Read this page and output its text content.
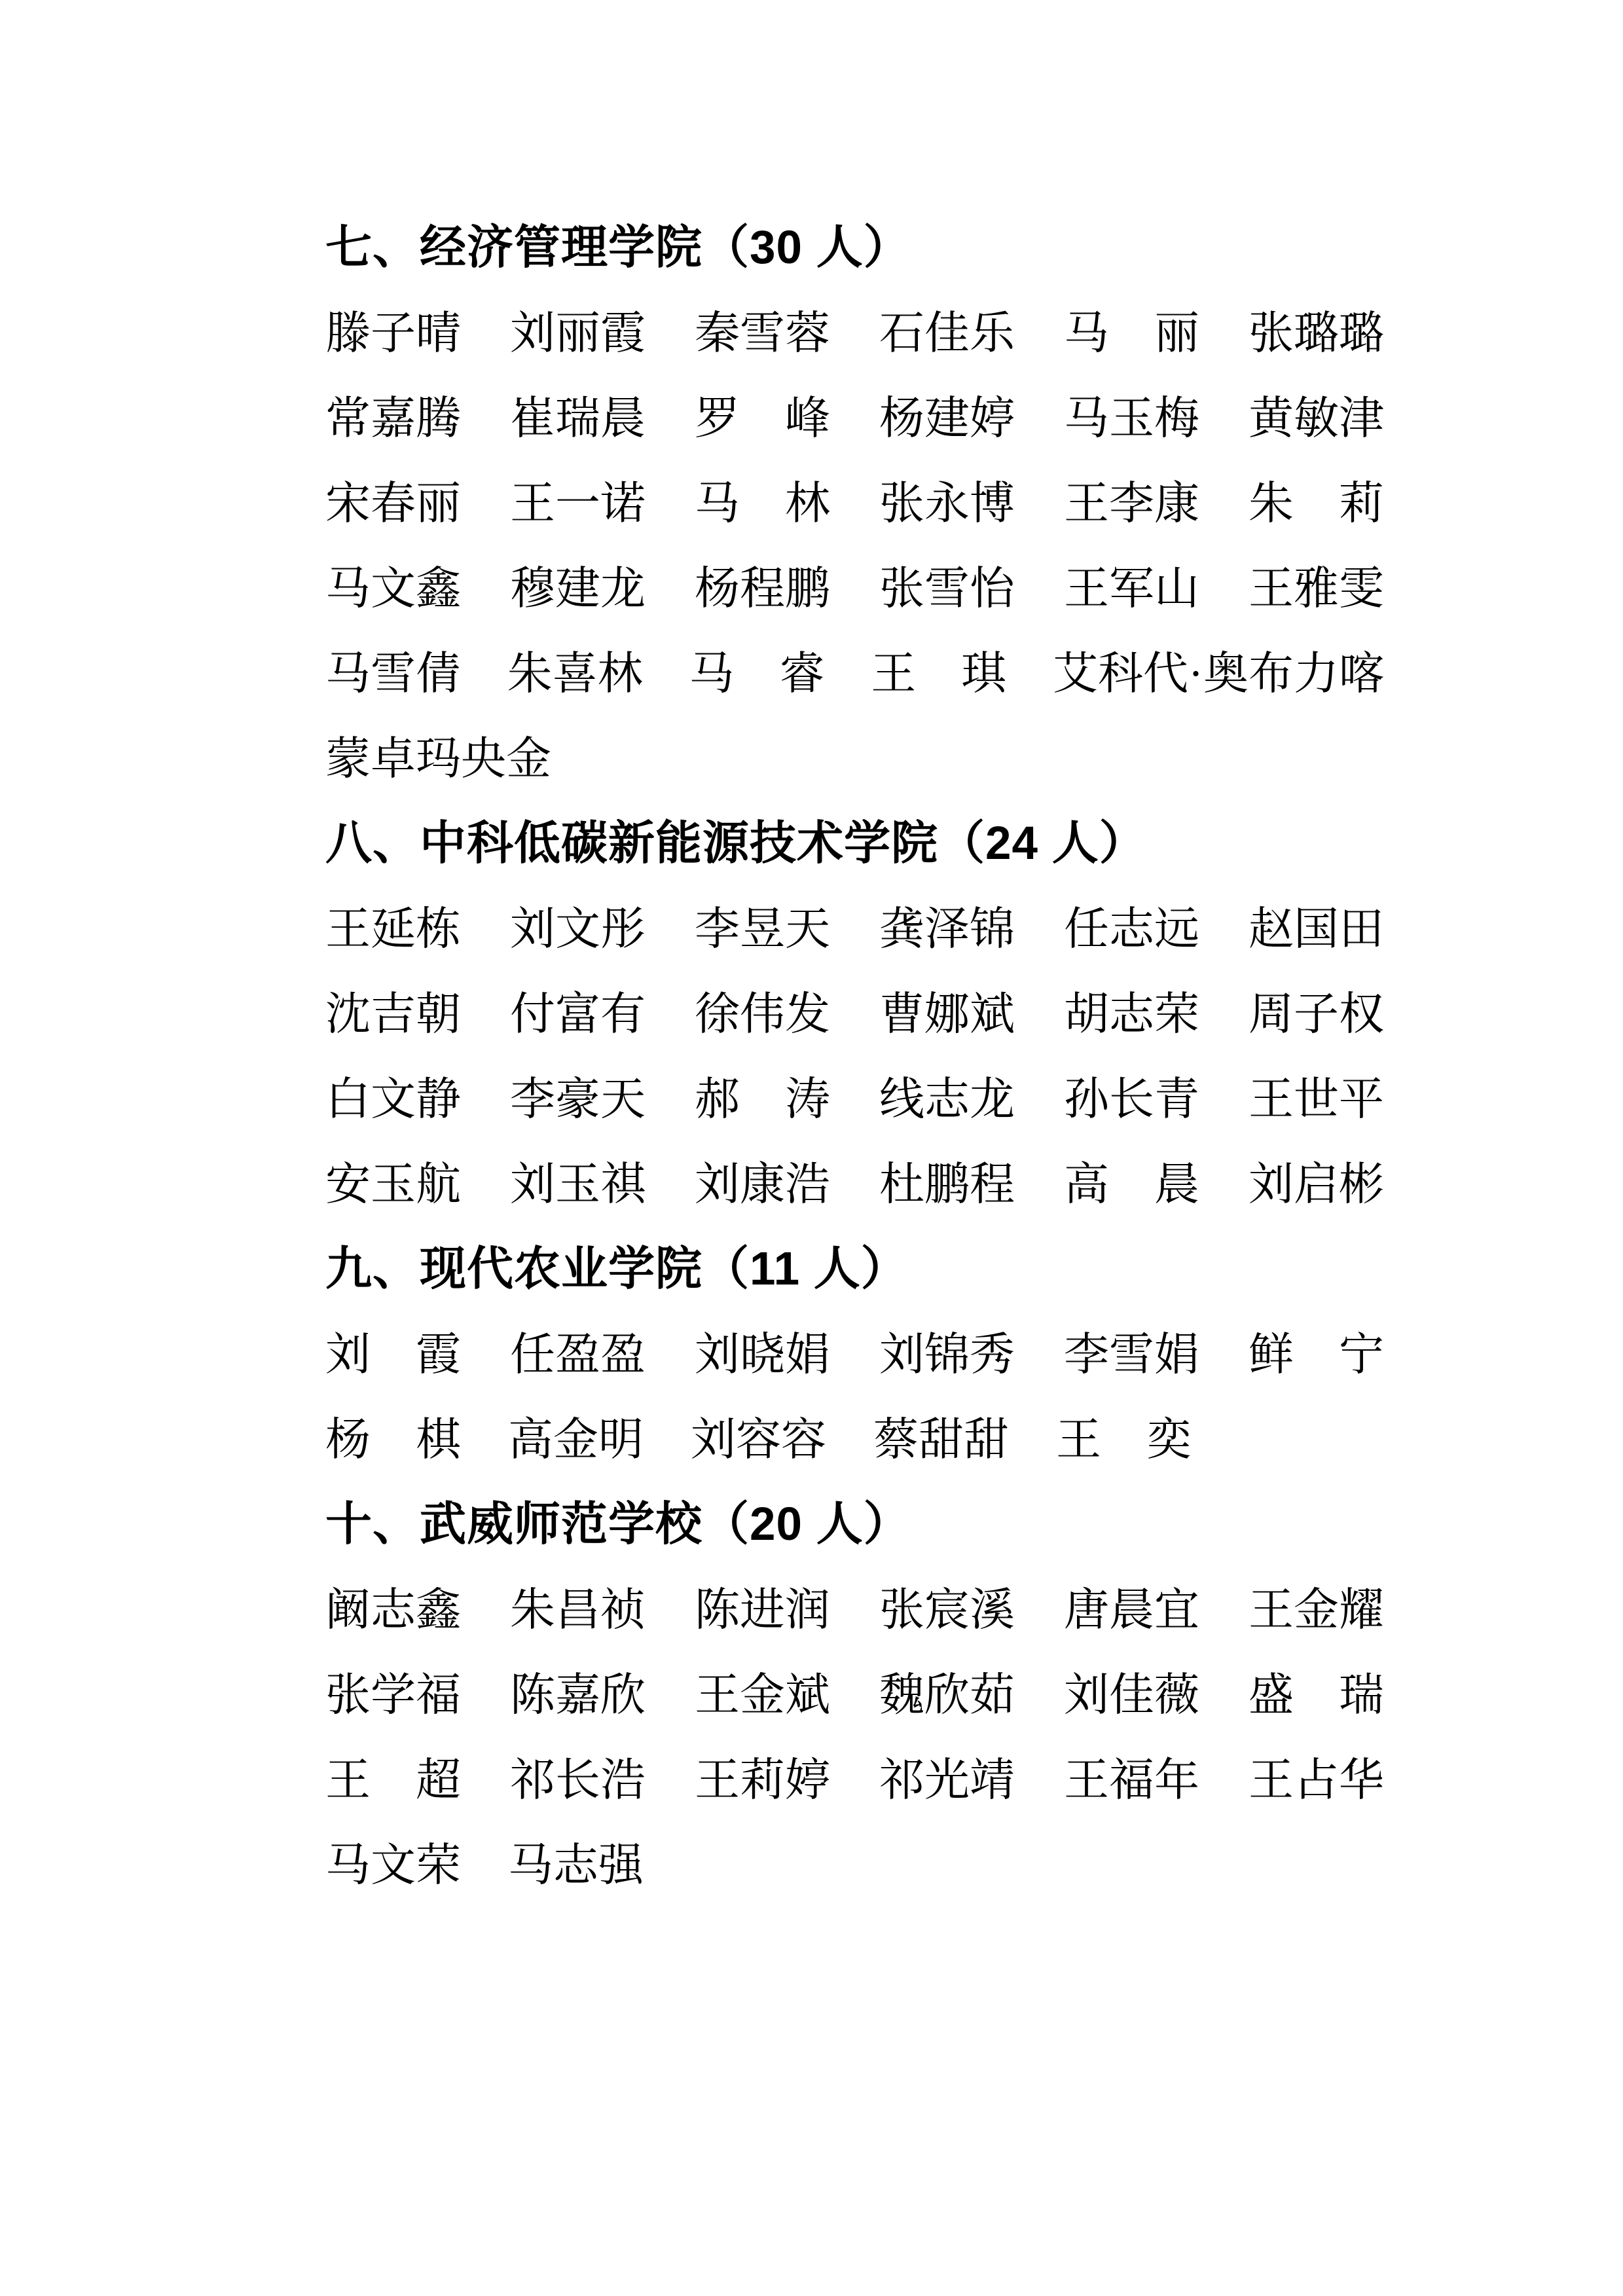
七、经济管理学院（30 人）
滕子晴 刘丽霞 秦雪蓉 石佳乐 马　丽 张璐璐
常嘉腾 崔瑞晨 罗　峰 杨建婷 马玉梅 黄敏津
宋春丽 王一诺 马　林 张永博 王李康 朱　莉
马文鑫 穆建龙 杨程鹏 张雪怡 王军山 王雅雯
马雪倩 朱喜林 马　睿 王　琪 艾科代·奥布力喀
蒙卓玛央金
八、中科低碳新能源技术学院（24 人）
王延栋 刘文彤 李昱天 龚泽锦 任志远 赵国田
沈吉朝 付富有 徐伟发 曹娜斌 胡志荣 周子权
白文静 李豪天 郝　涛 线志龙 孙长青 王世平
安玉航 刘玉祺 刘康浩 杜鹏程 高　晨 刘启彬
九、现代农业学院（11 人）
刘　霞 任盈盈 刘晓娟 刘锦秀 李雪娟 鲜　宁
杨　棋 高金明 刘容容 蔡甜甜 王　奕
十、武威师范学校（20 人）
阚志鑫 朱昌祯 陈进润 张宸溪 唐晨宜 王金耀
张学福 陈嘉欣 王金斌 魏欣茹 刘佳薇 盛　瑞
王　超 祁长浩 王莉婷 祁光靖 王福年 王占华
马文荣 马志强
